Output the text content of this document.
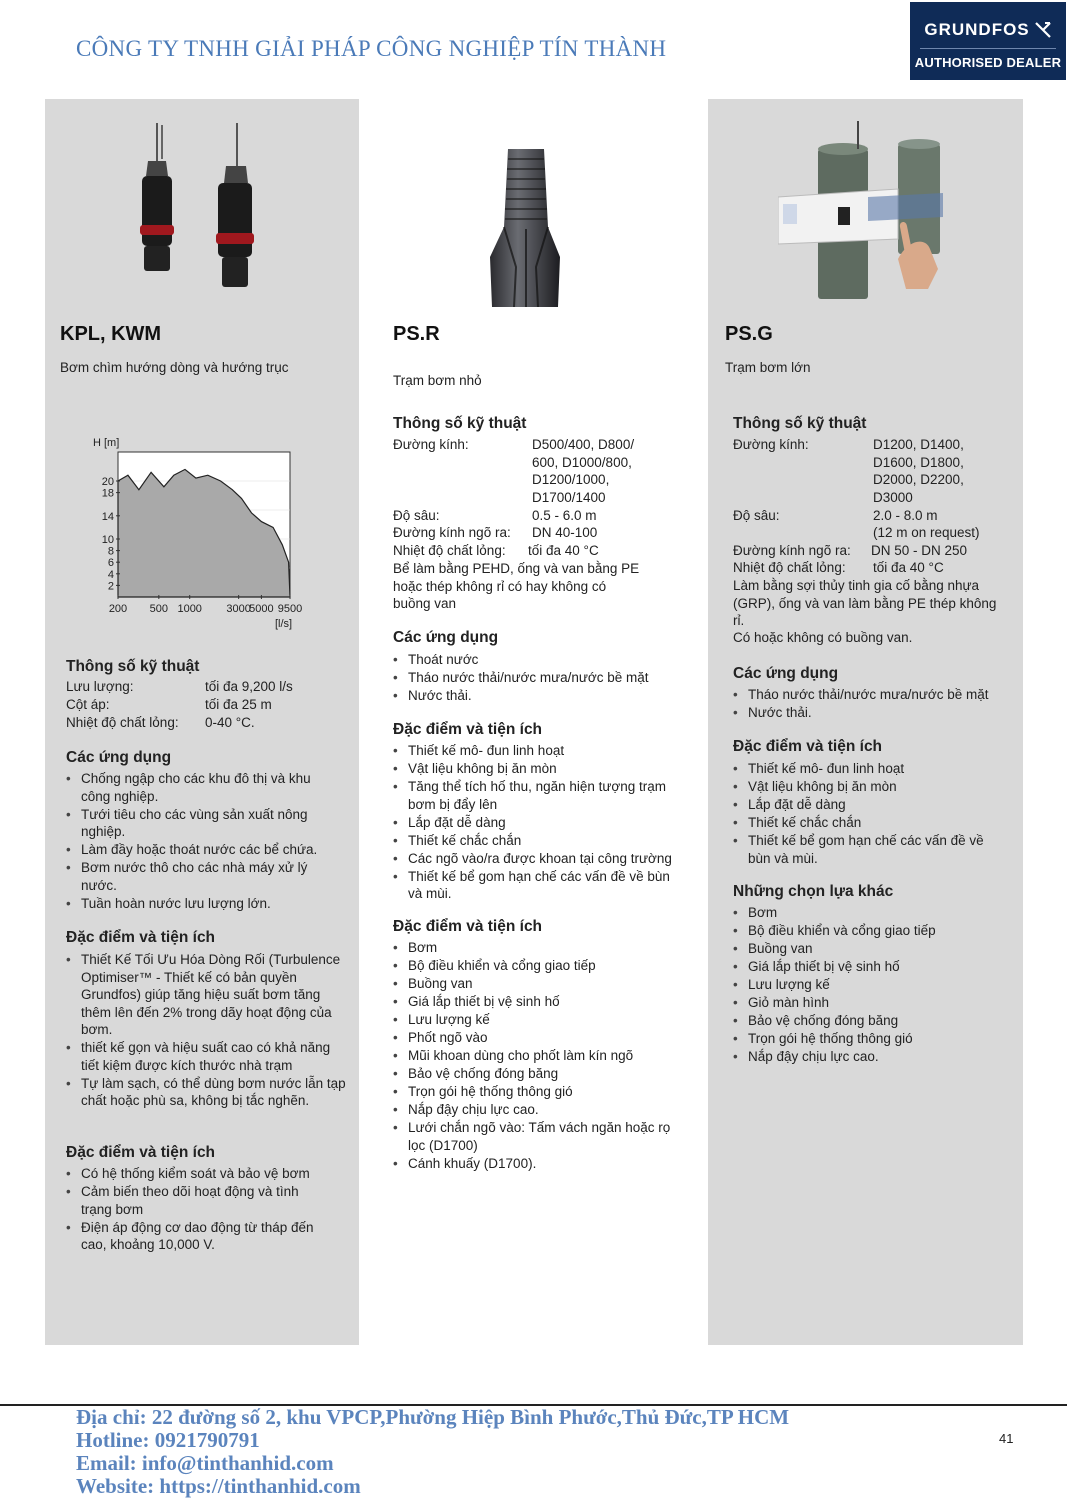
CÔNG TY TNHH GIẢI PHÁP CÔNG NGHIỆP TÍN THÀNH
GRUNDFOS
AUTHORISED DEALER
KPL, KWM
Bơm chìm hướng dòng và hướng trục
H [m]
20
18
14
10
8
6
4
2
200 500 1000 3000
5000 9500
[l/s]
Thông số kỹ thuật
Lưu lượng:	tối đa 9,200 l/s
Cột áp:	tối đa 25 m
Nhiệt độ chất lỏng: 0-40 °C.
Các ứng dụng
• Chống ngập cho các khu đô thị và khu công nghiệp.
• Tưới tiêu cho các vùng sản xuất nông nghiệp.
• Làm đầy hoặc thoát nước các bể chứa.
• Bơm nước thô cho các nhà máy xử lý nước.
• Tuần hoàn nước lưu lượng lớn.
Đặc điểm và tiện ích
• Thiết Kế Tối Ưu Hóa Dòng Rối (Turbulence Optimiser™ - Thiết kế có bản quyền Grundfos) giúp tăng hiệu suất bơm tăng thêm lên đến 2% trong dãy hoạt động của bơm.
• thiết kế gọn và hiệu suất cao có khả năng tiết kiệm được kích thước nhà trạm
• Tự làm sạch, có thể dùng bơm nước lẫn tạp chất hoặc phù sa, không bị tắc nghẽn.
Đặc điểm và tiện ích
• Có hệ thống kiểm soát và bảo vệ bơm
• Cảm biến theo dõi hoạt động và tình trạng bơm
• Điện áp động cơ dao động từ tháp đến cao, khoảng 10,000 V.
PS.R
Trạm bơm nhỏ
Thông số kỹ thuật
Đường kính:	D500/400, D800/ 600, D1000/800, D1200/1000, D1700/1400
Độ sâu:	0.5 - 6.0 m
Đường kính ngõ ra: DN 40-100
Nhiệt độ chất lỏng: tối đa 40 °C
Bể làm bằng PEHD, ống và van bằng PE hoặc thép không rỉ có hay không có buồng van
Các ứng dụng
• Thoát nước
• Tháo nước thải/nước mưa/nước bề mặt
• Nước thải.
Đặc điểm và tiện ích
• Thiết kế mô- đun linh hoạt
• Vật liệu không bị ăn mòn
• Tăng thể tích hố thu, ngăn hiện tượng trạm bơm bị đẩy lên
• Lắp đặt dễ dàng
• Thiết kế chắc chắn
• Các ngõ vào/ra được khoan tại công trường
• Thiết kế bể gom hạn chế các vấn đề về bùn và mùi.
Đặc điểm và tiện ích
• Bơm
• Bộ điều khiển và cổng giao tiếp
• Buồng van
• Giá lắp thiết bị vệ sinh hố
• Lưu lượng kế
• Phốt ngõ vào
• Mũi khoan dùng cho phốt làm kín ngõ
• Bảo vệ chống đóng băng
• Trọn gói hệ thống thông gió
• Nắp đậy chịu lực cao.
• Lưới chắn ngõ vào: Tấm vách ngăn hoặc rọ lọc (D1700)
• Cánh khuấy (D1700).
PS.G
Trạm bơm lớn
Thông số kỹ thuật
Đường kính:	D1200, D1400, D1600, D1800, D2000, D2200, D3000
Độ sâu:	2.0 - 8.0 m
(12 m on request)
Đường kính ngõ ra: DN 50 - DN 250
Nhiệt độ chất lỏng: tối đa 40 °C
Làm bằng sợi thủy tinh gia cố bằng nhựa (GRP), ống và van làm bằng PE thép không rỉ.
Có hoặc không có buồng van.
Các ứng dụng
• Tháo nước thải/nước mưa/nước bề mặt
• Nước thải.
Đặc điểm và tiện ích
• Thiết kế mô- đun linh hoạt
• Vật liệu không bị ăn mòn
• Lắp đặt dễ dàng
• Thiết kế chắc chắn
• Thiết kế bể gom hạn chế các vấn đề về bùn và mùi.
Những chọn lựa khác
• Bơm
• Bộ điều khiển và cổng giao tiếp
• Buồng van
• Giá lắp thiết bị vệ sinh hố
• Lưu lượng kế
• Giỏ màn hình
• Bảo vệ chống đóng băng
• Trọn gói hệ thống thông gió
• Nắp đậy chịu lực cao.
Địa chỉ: 22 đường số 2, khu VPCP,Phường Hiệp Bình Phước,Thủ Đức,TP HCM
Hotline: 0921790791
Email: info@tinthanhid.com
Website: https://tinthanhid.com
41
